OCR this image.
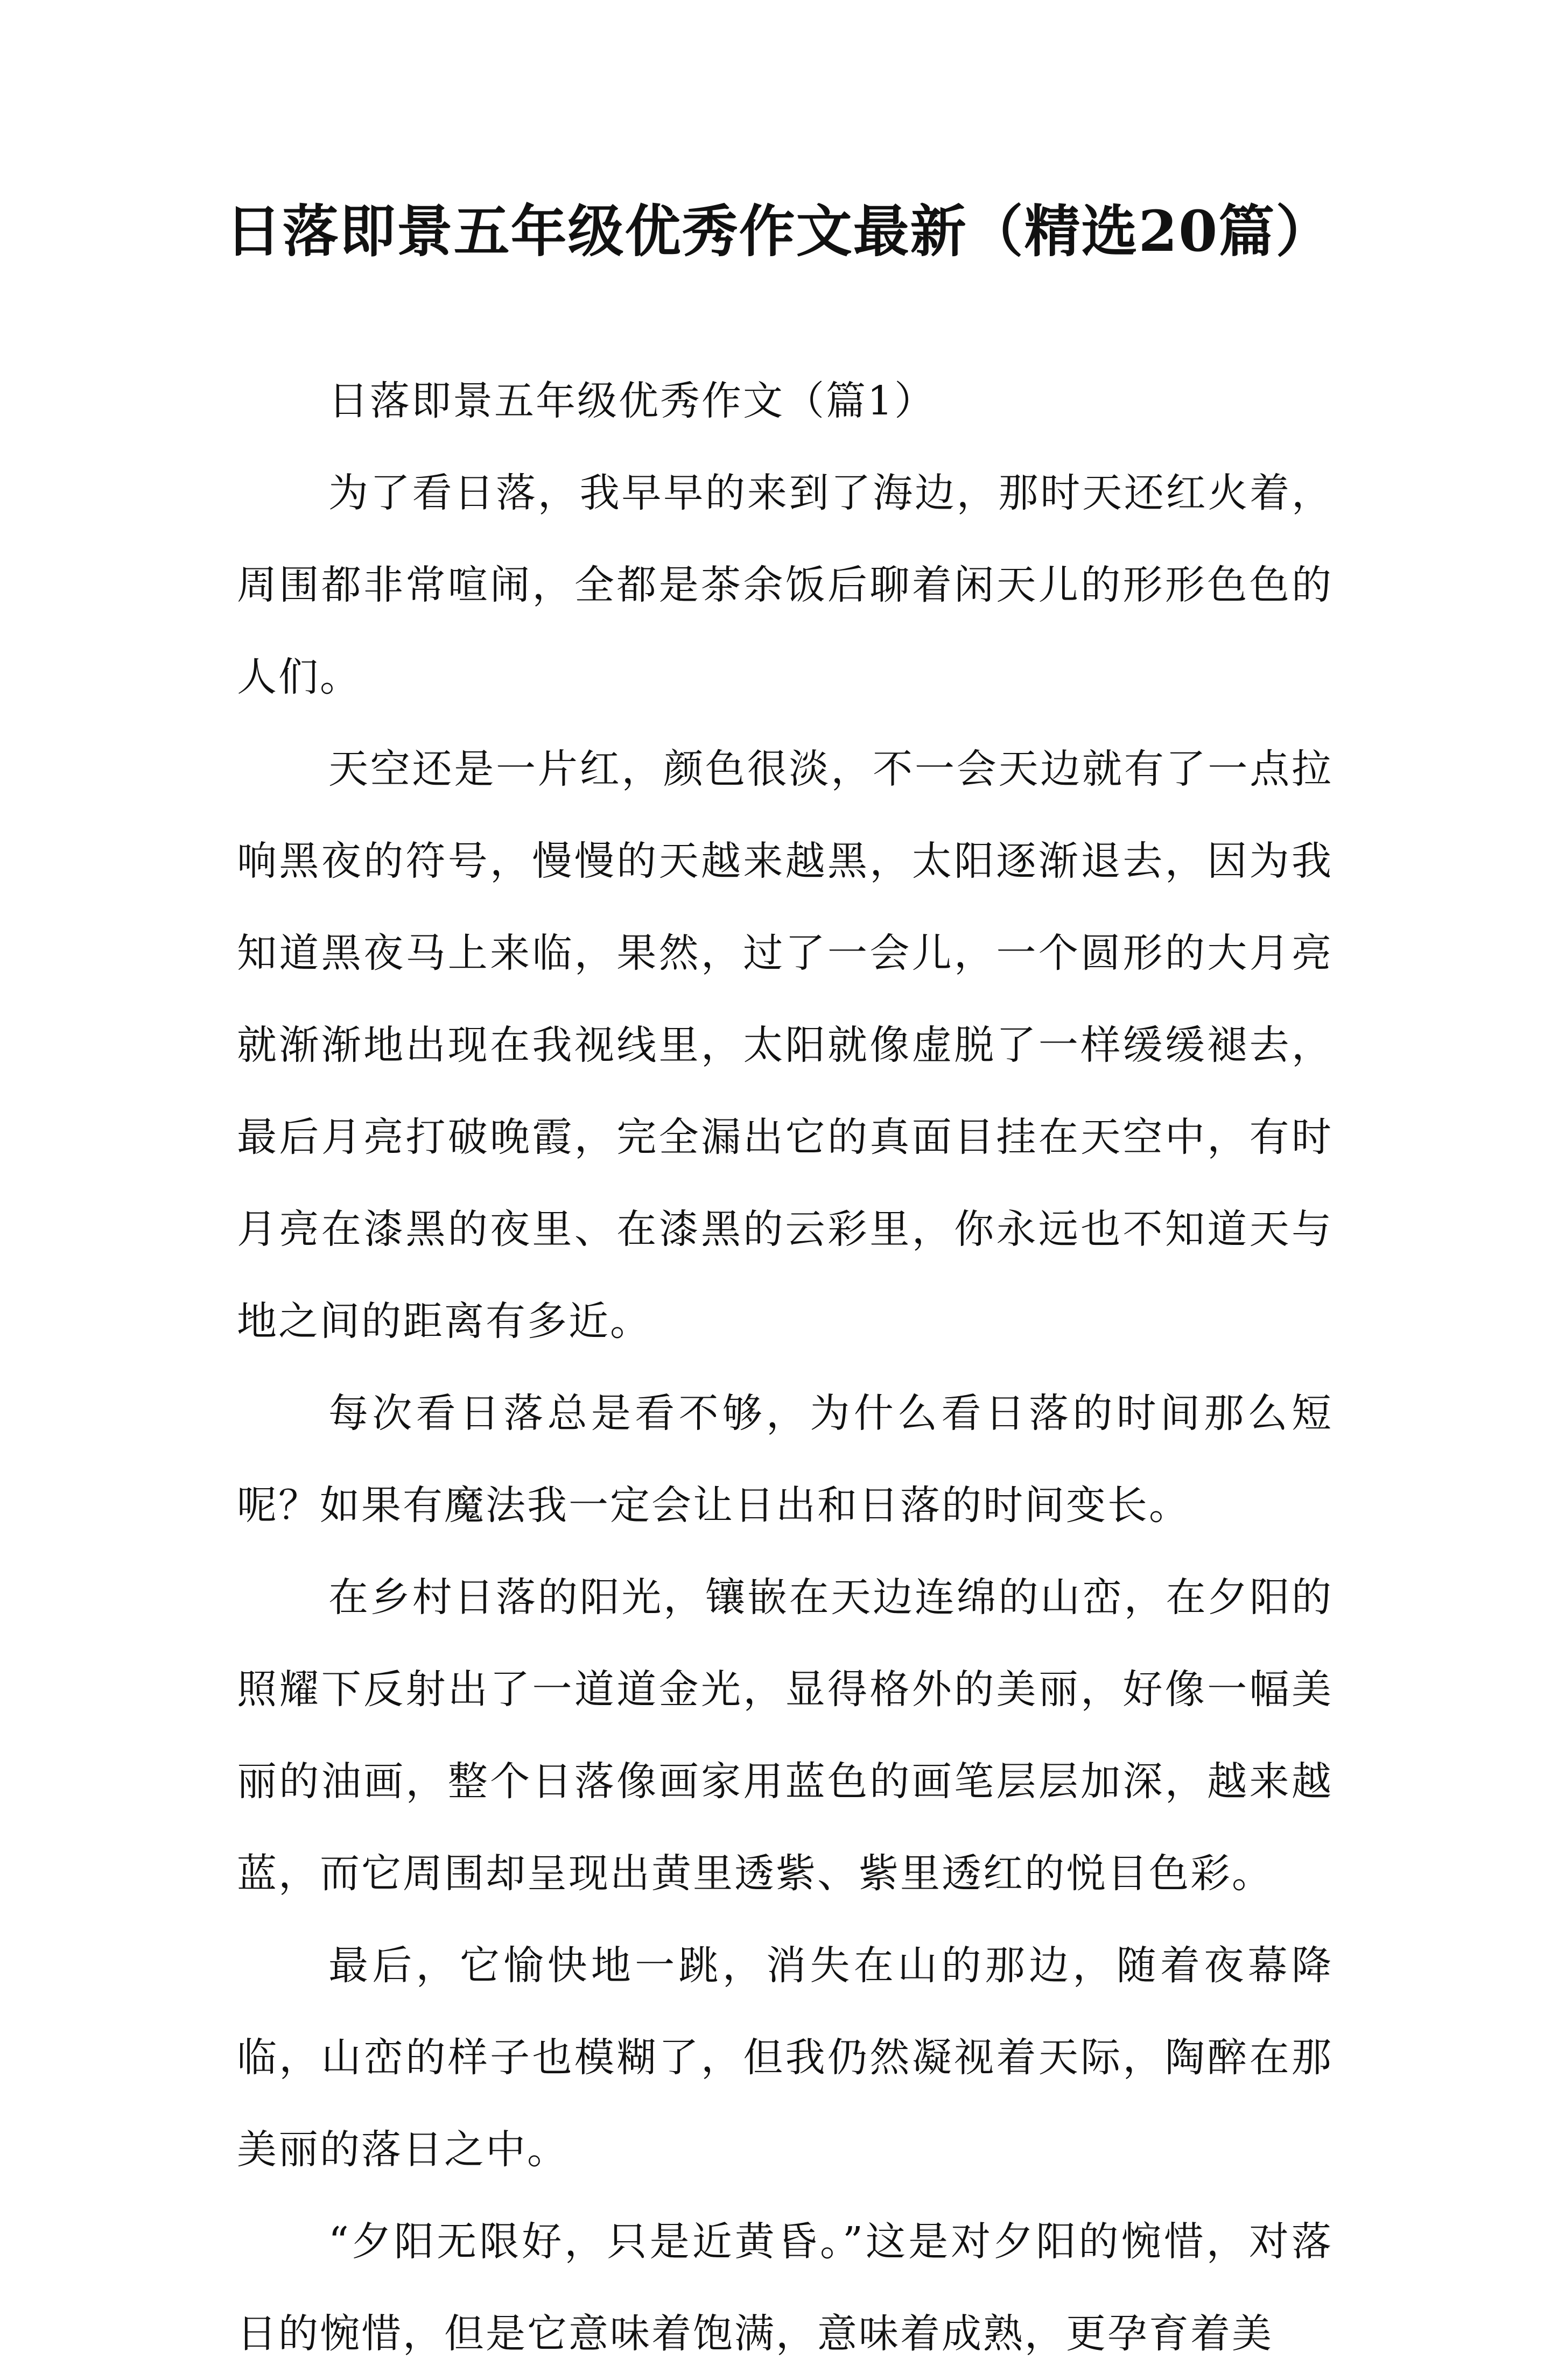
日落即景五年级优秀作文最新（精选20篇）

日落即景五年级优秀作文（篇1）

为了看日落，我早早的来到了海边，那时天还红火着，周围都非常喧闹，全都是茶余饭后聊着闲天儿的形形色色的人们。

天空还是一片红，颜色很淡，不一会天边就有了一点拉响黑夜的符号，慢慢的天越来越黑，太阳逐渐退去，因为我知道黑夜马上来临，果然，过了一会儿，一个圆形的大月亮就渐渐地出现在我视线里，太阳就像虚脱了一样缓缓褪去，最后月亮打破晚霞，完全漏出它的真面目挂在天空中，有时月亮在漆黑的夜里、在漆黑的云彩里，你永远也不知道天与地之间的距离有多近。

每次看日落总是看不够，为什么看日落的时间那么短呢？如果有魔法我一定会让日出和日落的时间变长。

在乡村日落的阳光，镶嵌在天边连绵的山峦，在夕阳的照耀下反射出了一道道金光，显得格外的美丽，好像一幅美丽的油画，整个日落像画家用蓝色的画笔层层加深，越来越蓝，而它周围却呈现出黄里透紫、紫里透红的悦目色彩。

最后，它愉快地一跳，消失在山的那边，随着夜幕降临，山峦的样子也模糊了，但我仍然凝视着天际，陶醉在那美丽的落日之中。

“夕阳无限好，只是近黄昏。”这是对夕阳的惋惜，对落日的惋惜，但是它意味着饱满，意味着成熟，更孕育着美
